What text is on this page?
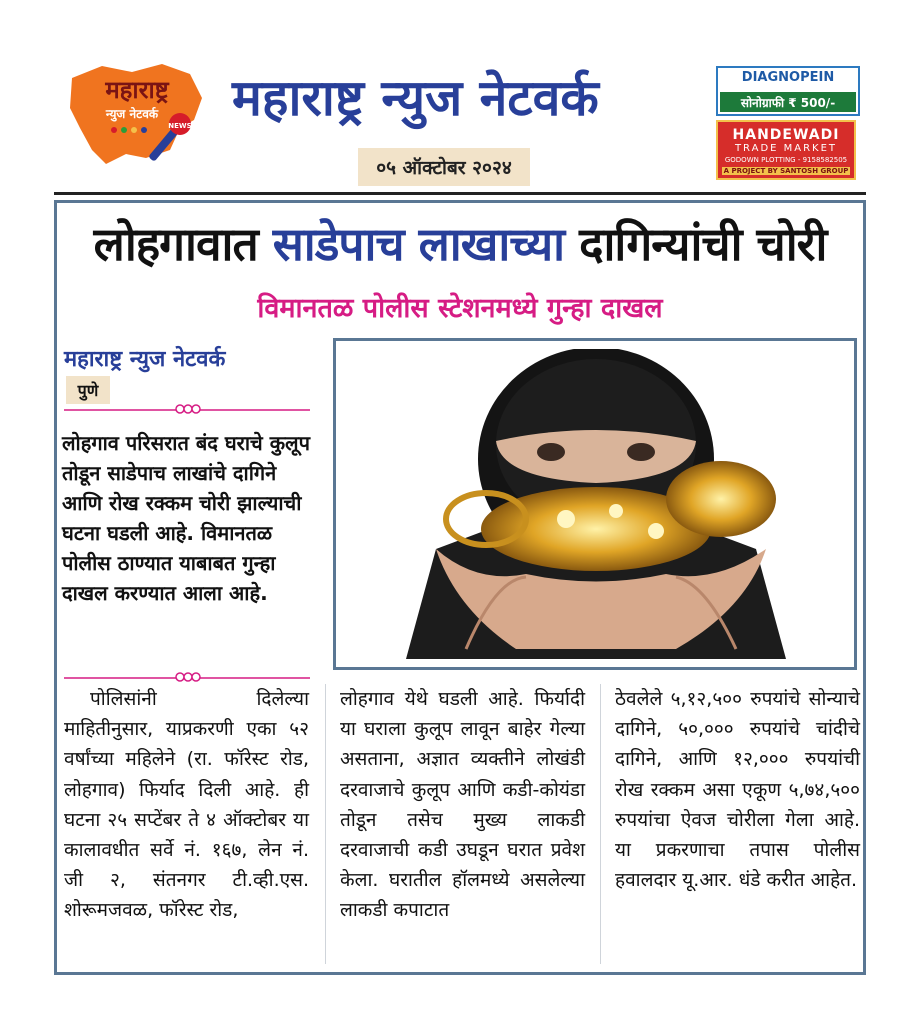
महाराष्ट्र
न्युज नेटवर्क
NEWS महाराष्ट्र न्युज नेटवर्क
०५ ऑक्टोबर २०२४
DIAGNOPEIN
सोनोग्राफी ₹ 500/-
HANDEWADI
TRADE MARKET
GODOWN PLOTTING - 9158582505
A PROJECT BY SANTOSH GROUP
लोहगावात साडेपाच लाखाच्या दागिन्यांची चोरी
विमानतळ पोलीस स्टेशनमध्ये गुन्हा दाखल
महाराष्ट्र न्युज नेटवर्क
पुणे
लोहगाव परिसरात बंद घराचे कुलूप तोडून साडेपाच लाखांचे दागिने आणि रोख रक्कम चोरी झाल्याची घटना घडली आहे. विमानतळ पोलीस ठाण्यात याबाबत गुन्हा दाखल करण्यात आला आहे.
पोलिसांनी दिलेल्या माहितीनुसार, याप्रकरणी एका ५२ वर्षांच्या महिलेने (रा. फॉरेस्ट रोड, लोहगाव) फिर्याद दिली आहे. ही घटना २५ सप्टेंबर ते ४ ऑक्टोबर या कालावधीत सर्वे नं. १६७, लेन नं. जी २, संतनगर टी.व्ही.एस. शोरूमजवळ, फॉरेस्ट रोड,
लोहगाव येथे घडली आहे. फिर्यादी या घराला कुलूप लावून बाहेर गेल्या असताना, अज्ञात व्यक्तीने लोखंडी दरवाजाचे कुलूप आणि कडी-कोयंडा तोडून तसेच मुख्य लाकडी दरवाजाची कडी उघडून घरात प्रवेश केला. घरातील हॉलमध्ये असलेल्या लाकडी कपाटात
ठेवलेले ५,१२,५०० रुपयांचे सोन्याचे दागिने, ५०,००० रुपयांचे चांदीचे दागिने, आणि १२,००० रुपयांची रोख रक्कम असा एकूण ५,७४,५०० रुपयांचा ऐवज चोरीला गेला आहे. या प्रकरणाचा तपास पोलीस हवालदार यू.आर. धंडे करीत आहेत.
